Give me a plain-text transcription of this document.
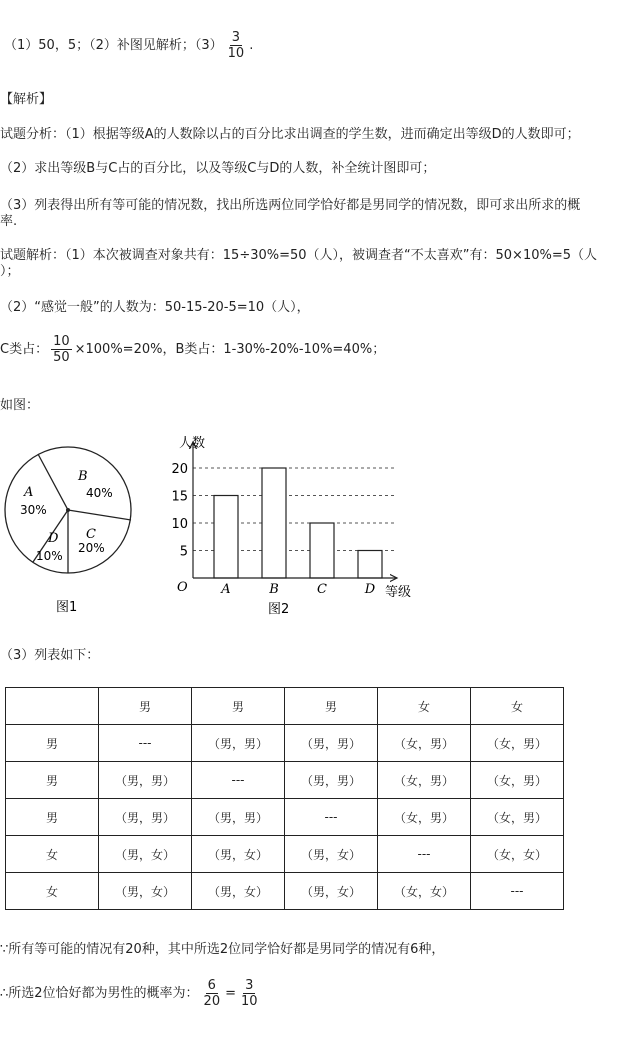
（1）50，5；（2）补图见解析；$(3) \frac{3}{10}$ .
【解析】
试题分析：（1）根据等级A的人数除以占的百分比求出调查的学生数，进而确定出等级D的人数即可；
（2）求出等级B与C占的百分比，以及等级C与D的人数，补全统计图即可；
（3）列表得出所有等可能的情况数，找出所选两位同学恰好都是男同学的情况数，即可求出所求的概
率.
试题解析：（1）本次被调查对象共有：15÷30%=50（人），被调查者“不太喜欢”有：50×10%=5（人
）；
（2）“感觉一般”的人数为：50-15-20-5=10（人），
C类占： $\frac{10}{50} \times 100\%=20\%$，B类占：1-30%-20%-10%=40%；
如图：
A
30%
B
40%
C
20%
D
10%
图1
人数
等级
O
5
10
15
20
A	B	C	D
图2
（3）列表如下：
	男	男	男	女	女
男	---	（男，男）	（男，男）	（女，男）	（女，男）
男	（男，男）	---	（男，男）	（女，男）	（女，男）
男	（男，男）	（男，男）	---	（女，男）	（女，男）
女	（男，女）	（男，女）	（男，女）	---	（女，女）
女	（男，女）	（男，女）	（男，女）	（女，女）	---
∵所有等可能的情况有20种，其中所选2位同学恰好都是男同学的情况有6种，
∴所选2位恰好都为男性的概率为： $\frac{6}{20} = \frac{3}{10}$
